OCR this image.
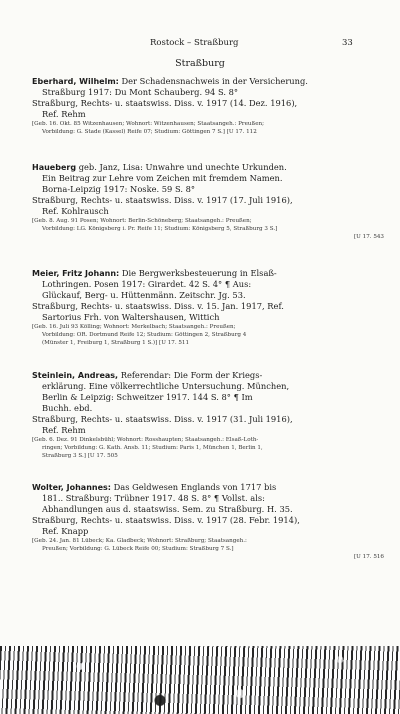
Rostock – Straßburg	33
Straßburg
Eberhard, Wilhelm: Der Schadensnachweis in der Versicherung.
Straßburg 1917: Du Mont Schauberg. 94 S. 8°
Straßburg, Rechts- u. staatswiss. Diss. v. 1917 (14. Dez. 1916),
Ref. Rehm
[Geb. 16. Okt. 85 Witzenhausen; Wohnort: Witzenhausen; Staatsangeh.: Preußen;
Vorbildung: G. Stade (Kassel) Reife 07; Studium: Göttingen 7 S.] [U 17. 112
Haueberg geb. Janz, Lisa: Unwahre und unechte Urkunden.
Ein Beitrag zur Lehre vom Zeichen mit fremdem Namen.
Borna-Leipzig 1917: Noske. 59 S. 8°
Straßburg, Rechts- u. staatswiss. Diss. v. 1917 (17. Juli 1916),
Ref. Kohlrausch
[Geb. 8. Aug. 91 Posen; Wohnort: Berlin-Schöneberg; Staatsangeh.: Preußen;
Vorbildung: LG. Königsberg i. Pr. Reife 11; Studium: Königsberg 5, Straßburg 3 S.]
[U 17. 543
Meier, Fritz Johann: Die Bergwerksbesteuerung in Elsaß-
Lothringen. Posen 1917: Girardet. 42 S. 4° ¶ Aus:
Glückauf, Berg- u. Hüttenmänn. Zeitschr. Jg. 53.
Straßburg, Rechts- u. staatswiss. Diss. v. 15. Jan. 1917, Ref.
Sartorius Frh. von Waltershausen, Wittich
[Geb. 16. Juli 93 Kölling; Wohnort: Merkelbach; Staatsangeh.: Preußen;
Vorbildung: OR. Dortmund Reife 12; Studium: Göttingen 2, Straßburg 4
(Münster 1, Freiburg 1, Straßburg 1 S.)] [U 17. 511
Steinlein, Andreas, Referendar: Die Form der Kriegs-
erklärung. Eine völkerrechtliche Untersuchung. München,
Berlin & Leipzig: Schweitzer 1917. 144 S. 8° ¶ Im
Buchh. ebd.
Straßburg, Rechts- u. staatswiss. Diss. v. 1917 (31. Juli 1916),
Ref. Rehm
[Geb. 6. Dez. 91 Dinkelsbühl; Wohnort: Rosshaupten; Staatsangeh.: Elsaß-Loth-
ringen; Vorbildung: G. Kath. Ansb. 11; Studium: Paris 1, München 1, Berlin 1,
Straßburg 3 S.] [U 17. 505
Wolter, Johannes: Das Geldwesen Englands von 1717 bis
181.. Straßburg: Trübner 1917. 48 S. 8° ¶ Vollst. als:
Abhandlungen aus d. staatswiss. Sem. zu Straßburg. H. 35.
Straßburg, Rechts- u. staatswiss. Diss. v. 1917 (28. Febr. 1914),
Ref. Knapp
[Geb. 24. Jan. 81 Lübeck; Ka. Gladbeck; Wohnort: Straßburg; Staatsangeh.:
Preußen; Vorbildung: G. Lübeck Reife 00; Studium: Straßburg 7 S.]
[U 17. 516
